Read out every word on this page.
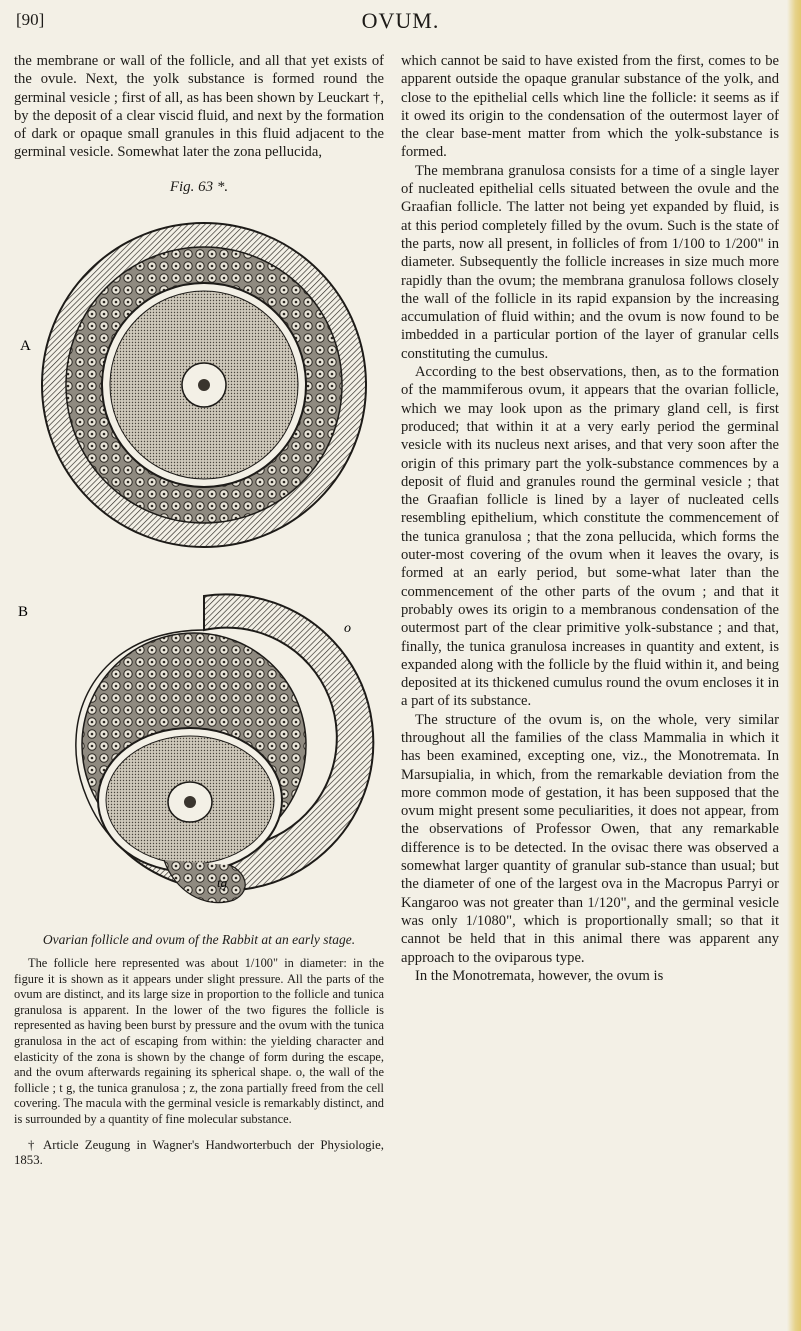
[90]	OVUM.

the membrane or wall of the follicle, and all that yet exists of the ovule. Next, the yolk substance is formed round the germinal vesicle ; first of all, as has been shown by Leuckart †, by the deposit of a clear viscid fluid, and next by the formation of dark or opaque small granules in this fluid adjacent to the germinal vesicle. Somewhat later the zona pellucida,

Fig. 63 *.
A
B
o
tg
Ovarian follicle and ovum of the Rabbit at an early stage.

The follicle here represented was about 1/100" in diameter: in the figure it is shown as it appears under slight pressure. All the parts of the ovum are distinct, and its large size in proportion to the follicle and tunica granulosa is apparent. In the lower of the two figures the follicle is represented as having been burst by pressure and the ovum with the tunica granulosa in the act of escaping from within: the yielding character and elasticity of the zona is shown by the change of form during the escape, and the ovum afterwards regaining its spherical shape. o, the wall of the follicle ; t g, the tunica granulosa ; z, the zona partially freed from the cell covering. The macula with the germinal vesicle is remarkably distinct, and is surrounded by a quantity of fine molecular substance.

† Article Zeugung in Wagner's Handworterbuch der Physiologie, 1853.

which cannot be said to have existed from the first, comes to be apparent outside the opaque granular substance of the yolk, and close to the epithelial cells which line the follicle: it seems as if it owed its origin to the condensation of the outermost layer of the clear base-ment matter from which the yolk-substance is formed.

The membrana granulosa consists for a time of a single layer of nucleated epithelial cells situated between the ovule and the Graafian follicle. The latter not being yet expanded by fluid, is at this period completely filled by the ovum. Such is the state of the parts, now all present, in follicles of from 1/100 to 1/200" in diameter. Subsequently the follicle increases in size much more rapidly than the ovum; the membrana granulosa follows closely the wall of the follicle in its rapid expansion by the increasing accumulation of fluid within; and the ovum is now found to be imbedded in a particular portion of the layer of granular cells constituting the cumulus.

According to the best observations, then, as to the formation of the mammiferous ovum, it appears that the ovarian follicle, which we may look upon as the primary gland cell, is first produced; that within it at a very early period the germinal vesicle with its nucleus next arises, and that very soon after the origin of this primary part the yolk-substance commences by a deposit of fluid and granules round the germinal vesicle ; that the Graafian follicle is lined by a layer of nucleated cells resembling epithelium, which constitute the commencement of the tunica granulosa ; that the zona pellucida, which forms the outer-most covering of the ovum when it leaves the ovary, is formed at an early period, but some-what later than the commencement of the other parts of the ovum ; and that it probably owes its origin to a membranous condensation of the outermost part of the clear primitive yolk-substance ; and that, finally, the tunica granulosa increases in quantity and extent, is expanded along with the follicle by the fluid within it, and being deposited at its thickened cumulus round the ovum encloses it in a part of its substance.

The structure of the ovum is, on the whole, very similar throughout all the families of the class Mammalia in which it has been examined, excepting one, viz., the Monotremata. In Marsupialia, in which, from the remarkable deviation from the more common mode of gestation, it has been supposed that the ovum might present some peculiarities, it does not appear, from the observations of Professor Owen, that any remarkable difference is to be detected. In the ovisac there was observed a somewhat larger quantity of granular sub-stance than usual; but the diameter of one of the largest ova in the Macropus Parryi or Kangaroo was not greater than 1/120", and the germinal vesicle was only 1/1080", which is proportionally small; so that it cannot be held that in this animal there was apparent any approach to the oviparous type.

In the Monotremata, however, the ovum is
